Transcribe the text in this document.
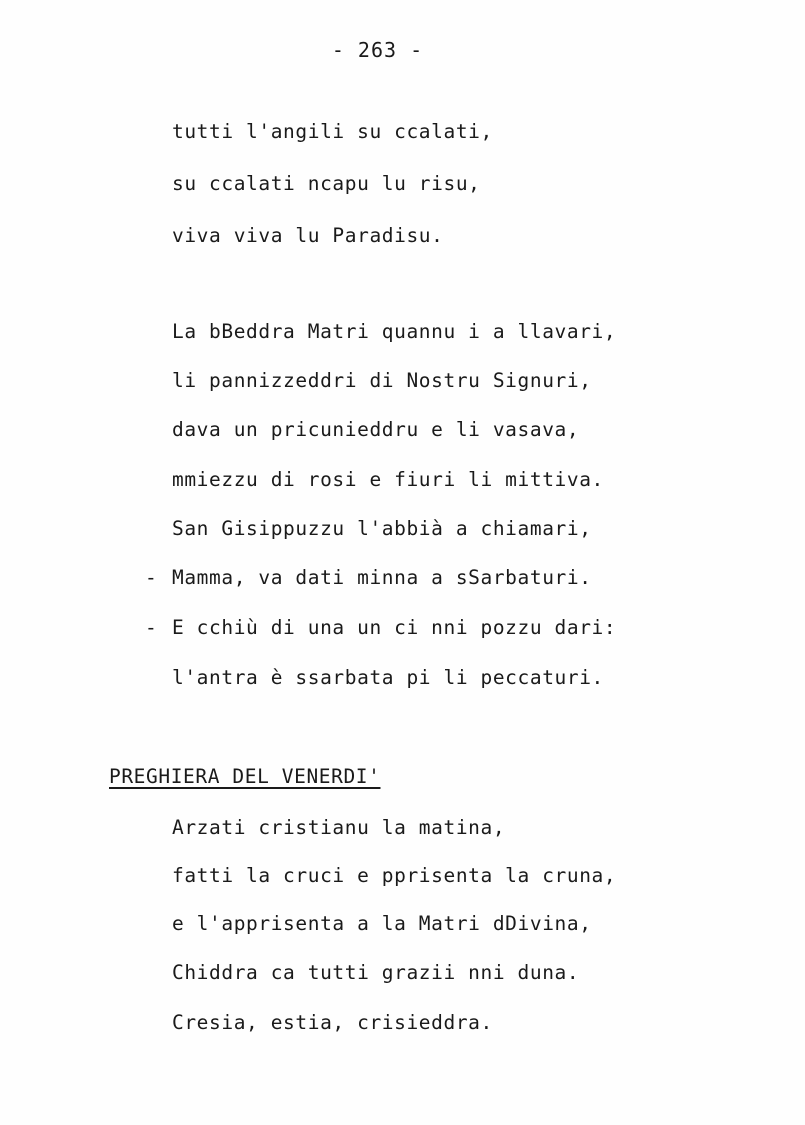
- 263 -
tutti l'angili su ccalati,
su ccalati ncapu lu risu,
viva viva lu Paradisu.
La bBeddra Matri quannu i a llavari,
li pannizzeddri di Nostru Signuri,
dava un pricunieddru e li vasava,
mmiezzu di rosi e fiuri li mittiva.
San Gisippuzzu l'abbià a chiamari,
- Mamma, va dati minna a sSarbaturi.
- E cchiù di una un ci nni pozzu dari:
l'antra è ssarbata pi li peccaturi.
PREGHIERA DEL VENERDI'
Arzati cristianu la matina,
fatti la cruci e pprisenta la cruna,
e l'apprisenta a la Matri dDivina,
Chiddra ca tutti grazii nni duna.
Cresia, estia, crisieddra.
